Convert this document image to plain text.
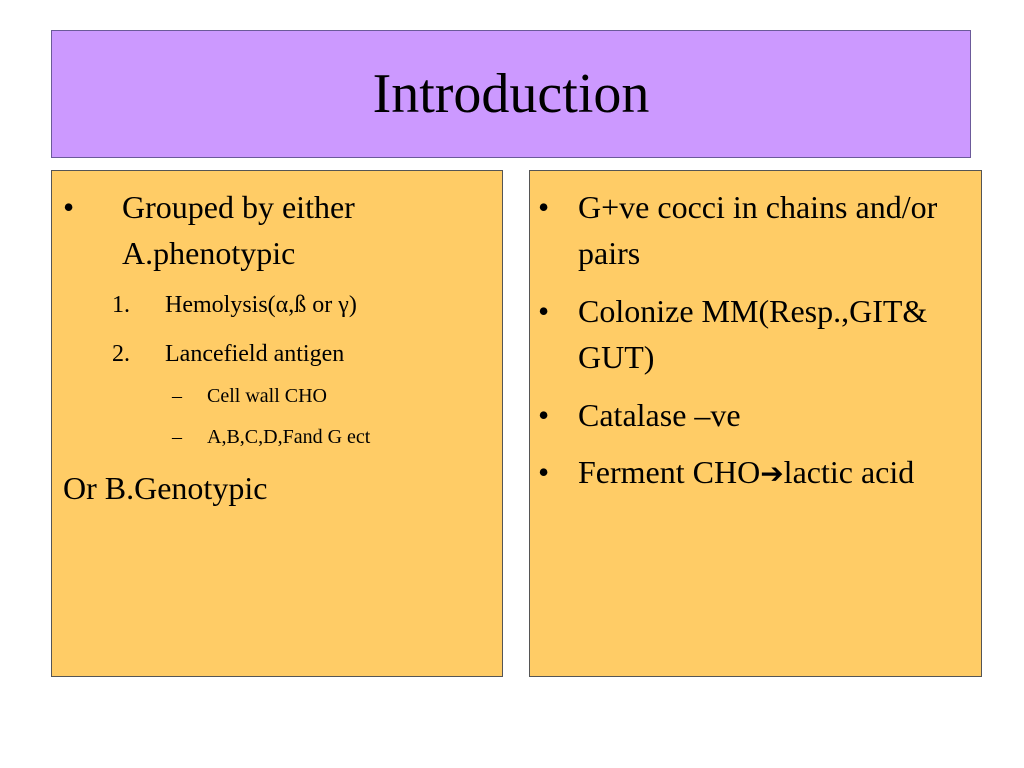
Introduction
•	Grouped by either A.phenotypic
1.	Hemolysis(α,ß or γ)
2.	Lancefield antigen
–	Cell wall CHO
–	A,B,C,D,Fand G ect
Or B.Genotypic
• G+ve cocci in chains and/or pairs
• Colonize MM(Resp.,GIT& GUT)
• Catalase –ve
• Ferment CHO➔lactic acid
